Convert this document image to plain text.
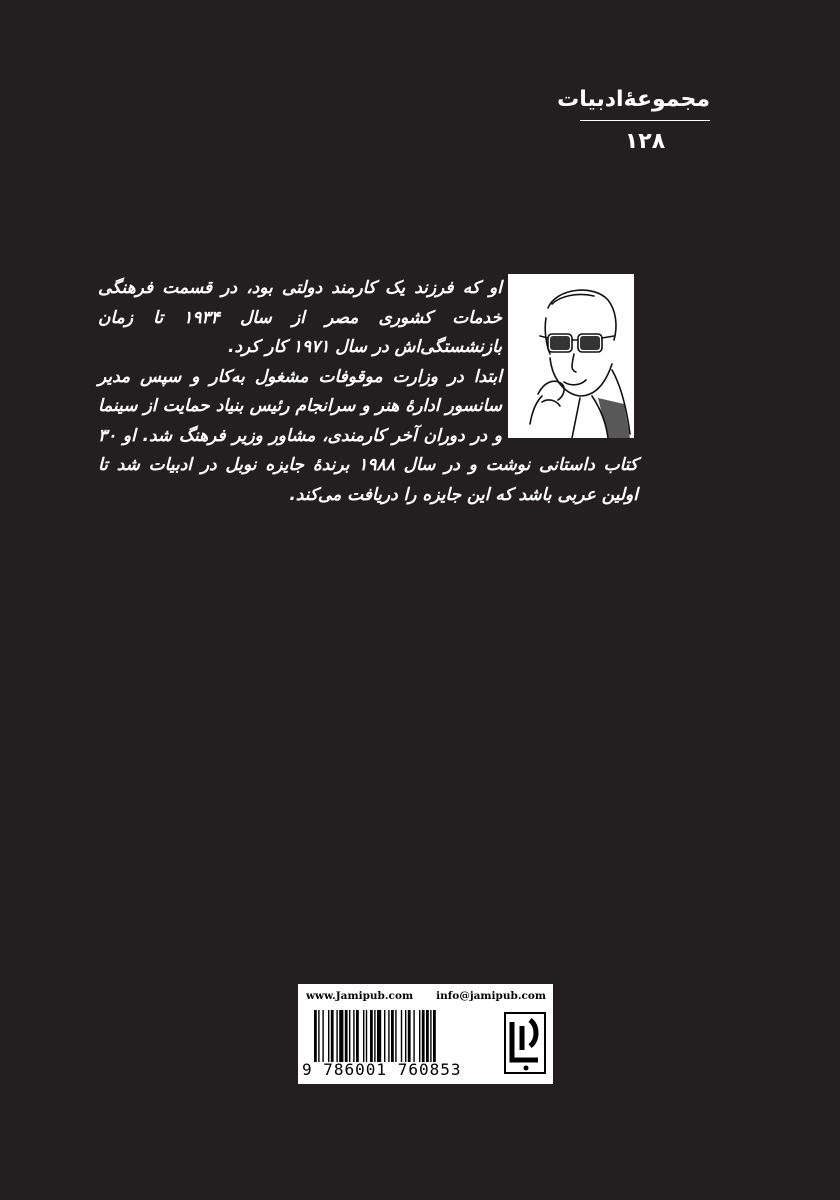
مجموعۀادبیات
۱۲۸

او که فرزند یک کارمند دولتی بود، در قسمت فرهنگی خدمات کشوری مصر از سال ۱۹۳۴ تا زمان بازنشستگی‌اش در سال ۱۹۷۱ کار کرد.

ابتدا در وزارت موقوفات مشغول به‌کار و سپس مدیر سانسور ادارۀ هنر و سرانجام رئیس بنیاد حمایت از سینما و در دوران آخر کارمندی، مشاور وزیر فرهنگ شد. او ۳۰ کتاب داستانی نوشت و در سال ۱۹۸۸ برندۀ جایزه نوبل در ادبیات شد تا اولین عربی باشد که این جایزه را دریافت می‌کند.

www.Jamipub.com info@jamipub.com
9 786001 760853
